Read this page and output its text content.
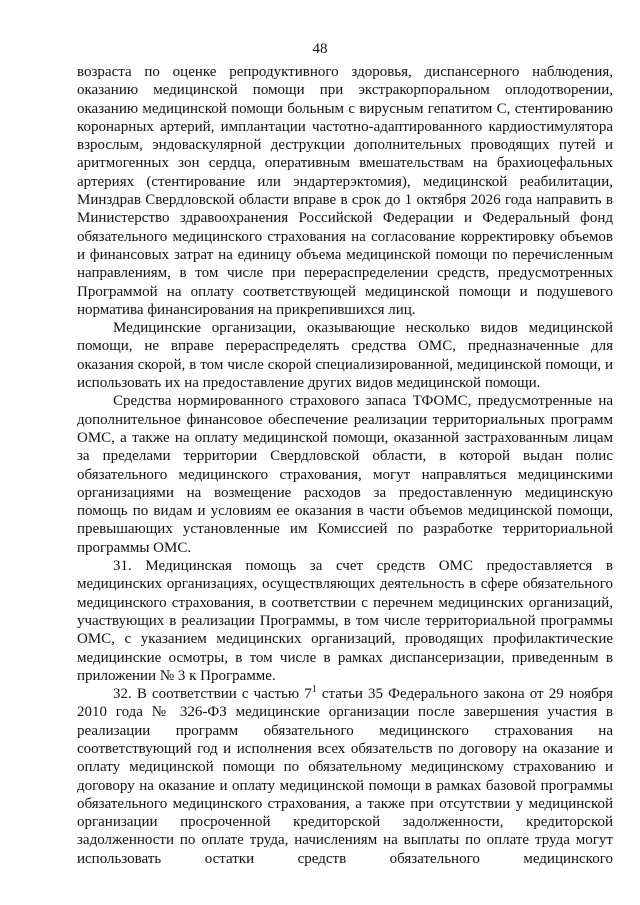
48

возраста по оценке репродуктивного здоровья, диспансерного наблюдения, оказанию медицинской помощи при экстракорпоральном оплодотворении, оказанию медицинской помощи больным с вирусным гепатитом С, стентированию коронарных артерий, имплантации частотно-адаптированного кардиостимулятора взрослым, эндоваскулярной деструкции дополнительных проводящих путей и аритмогенных зон сердца, оперативным вмешательствам на брахиоцефальных артериях (стентирование или эндартерэктомия), медицинской реабилитации, Минздрав Свердловской области вправе в срок до 1 октября 2026 года направить в Министерство здравоохранения Российской Федерации и Федеральный фонд обязательного медицинского страхования на согласование корректировку объемов и финансовых затрат на единицу объема медицинской помощи по перечисленным направлениям, в том числе при перераспределении средств, предусмотренных Программой на оплату соответствующей медицинской помощи и подушевого норматива финансирования на прикрепившихся лиц.

Медицинские организации, оказывающие несколько видов медицинской помощи, не вправе перераспределять средства ОМС, предназначенные для оказания скорой, в том числе скорой специализированной, медицинской помощи, и использовать их на предоставление других видов медицинской помощи.

Средства нормированного страхового запаса ТФОМС, предусмотренные на дополнительное финансовое обеспечение реализации территориальных программ ОМС, а также на оплату медицинской помощи, оказанной застрахованным лицам за пределами территории Свердловской области, в которой выдан полис обязательного медицинского страхования, могут направляться медицинскими организациями на возмещение расходов за предоставленную медицинскую помощь по видам и условиям ее оказания в части объемов медицинской помощи, превышающих установленные им Комиссией по разработке территориальной программы ОМС.

31. Медицинская помощь за счет средств ОМС предоставляется в медицинских организациях, осуществляющих деятельность в сфере обязательного медицинского страхования, в соответствии с перечнем медицинских организаций, участвующих в реализации Программы, в том числе территориальной программы ОМС, с указанием медицинских организаций, проводящих профилактические медицинские осмотры, в том числе в рамках диспансеризации, приведенным в приложении № 3 к Программе.

32. В соответствии с частью $7^1$ статьи 35 Федерального закона от 29 ноября 2010 года № 326-ФЗ медицинские организации после завершения участия в реализации программ обязательного медицинского страхования на соответствующий год и исполнения всех обязательств по договору на оказание и оплату медицинской помощи по обязательному медицинскому страхованию и договору на оказание и оплату медицинской помощи в рамках базовой программы обязательного медицинского страхования, а также при отсутствии у медицинской организации просроченной кредиторской задолженности, кредиторской задолженности по оплате труда, начислениям на выплаты по оплате труда могут использовать остатки средств обязательного медицинского
